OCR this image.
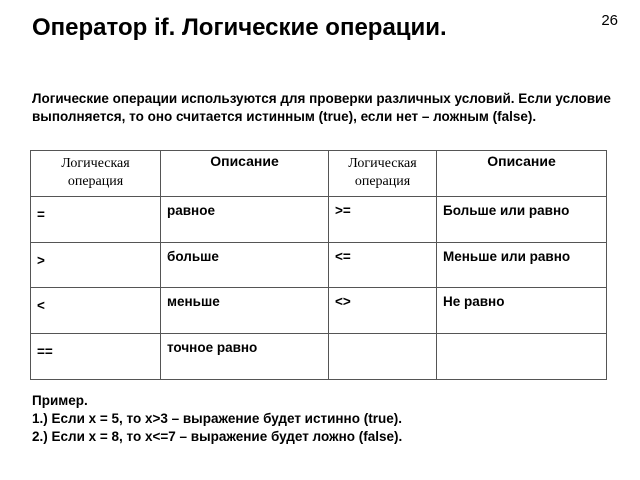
26
Оператор if. Логические операции.

Логические операции используются для проверки различных условий. Если условие выполняется, то оно считается истинным (true), если нет – ложным (false).

Логическая операция	Описание	Логическая операция	Описание

=	равное	>=	Больше или равно

>	больше	<=	Меньше или равно

<	меньше	<>	Не равно

==	точное равно		

Пример.
1.) Если x = 5, то x>3 – выражение будет истинно (true).
2.) Если x = 8, то x<=7 – выражение будет ложно (false).
